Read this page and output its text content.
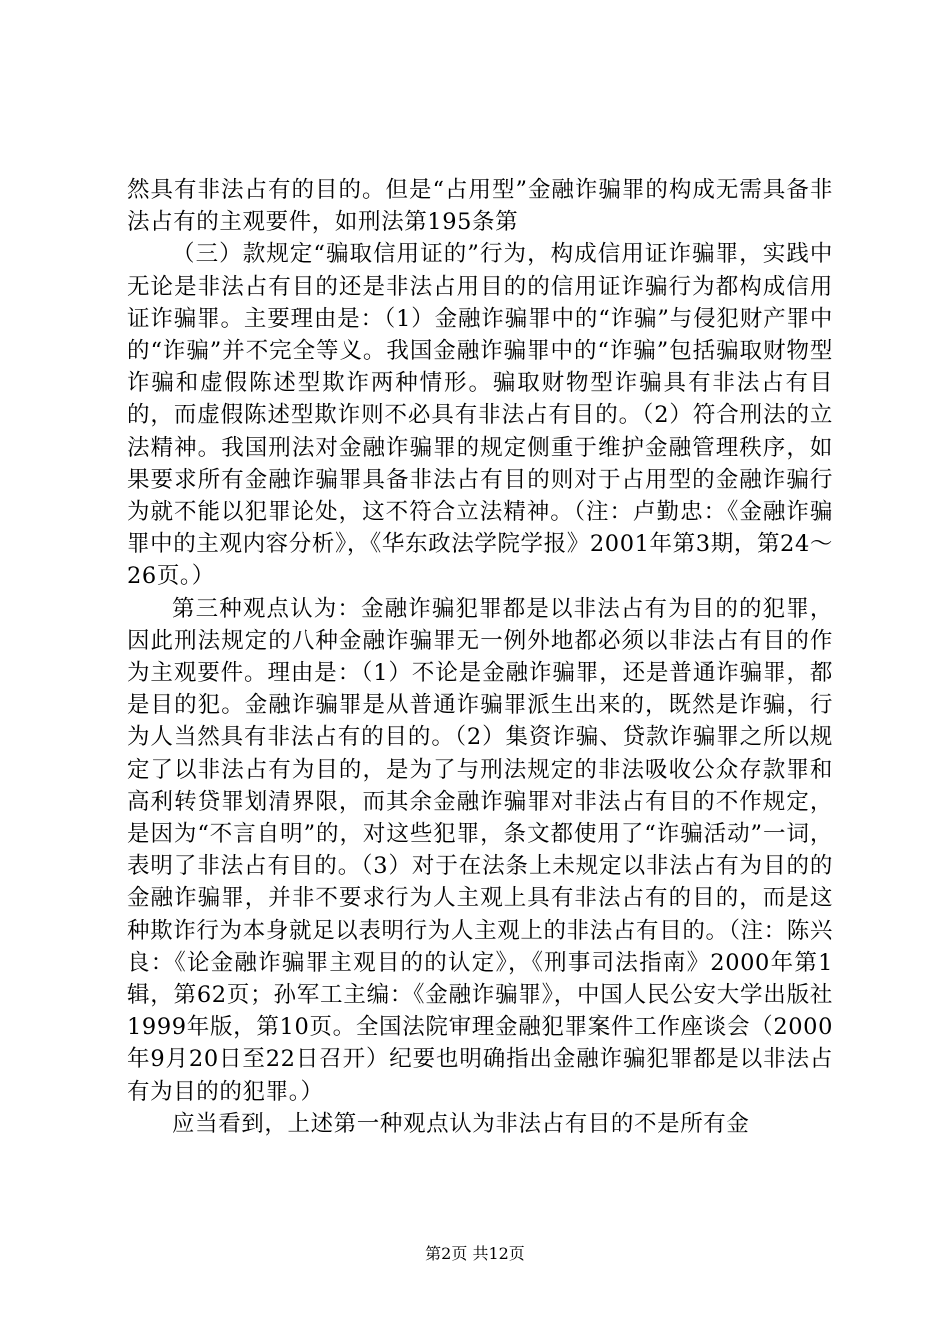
然具有非法占有的目的。但是“占用型”金融诈骗罪的构成无需具备非法占有的主观要件，如刑法第195条第

（三）款规定“骗取信用证的”行为，构成信用证诈骗罪，实践中无论是非法占有目的还是非法占用目的的信用证诈骗行为都构成信用证诈骗罪。主要理由是：（1）金融诈骗罪中的“诈骗”与侵犯财产罪中的“诈骗”并不完全等义。我国金融诈骗罪中的“诈骗”包括骗取财物型诈骗和虚假陈述型欺诈两种情形。骗取财物型诈骗具有非法占有目的，而虚假陈述型欺诈则不必具有非法占有目的。（2）符合刑法的立法精神。我国刑法对金融诈骗罪的规定侧重于维护金融管理秩序，如果要求所有金融诈骗罪具备非法占有目的则对于占用型的金融诈骗行为就不能以犯罪论处，这不符合立法精神。（注：卢勤忠：《金融诈骗罪中的主观内容分析》，《华东政法学院学报》2001年第3期，第24～26页。）

第三种观点认为：金融诈骗犯罪都是以非法占有为目的的犯罪，因此刑法规定的八种金融诈骗罪无一例外地都必须以非法占有目的作为主观要件。理由是：（1）不论是金融诈骗罪，还是普通诈骗罪，都是目的犯。金融诈骗罪是从普通诈骗罪派生出来的，既然是诈骗，行为人当然具有非法占有的目的。（2）集资诈骗、贷款诈骗罪之所以规定了以非法占有为目的，是为了与刑法规定的非法吸收公众存款罪和高利转贷罪划清界限，而其余金融诈骗罪对非法占有目的不作规定，是因为“不言自明”的，对这些犯罪，条文都使用了“诈骗活动”一词，表明了非法占有目的。（3）对于在法条上未规定以非法占有为目的的金融诈骗罪，并非不要求行为人主观上具有非法占有的目的，而是这种欺诈行为本身就足以表明行为人主观上的非法占有目的。（注：陈兴良：《论金融诈骗罪主观目的的认定》，《刑事司法指南》2000年第1辑，第62页；孙军工主编：《金融诈骗罪》，中国人民公安大学出版社1999年版，第10页。全国法院审理金融犯罪案件工作座谈会（2000年9月20日至22日召开）纪要也明确指出金融诈骗犯罪都是以非法占有为目的的犯罪。）

应当看到，上述第一种观点认为非法占有目的不是所有金

第2页 共12页
